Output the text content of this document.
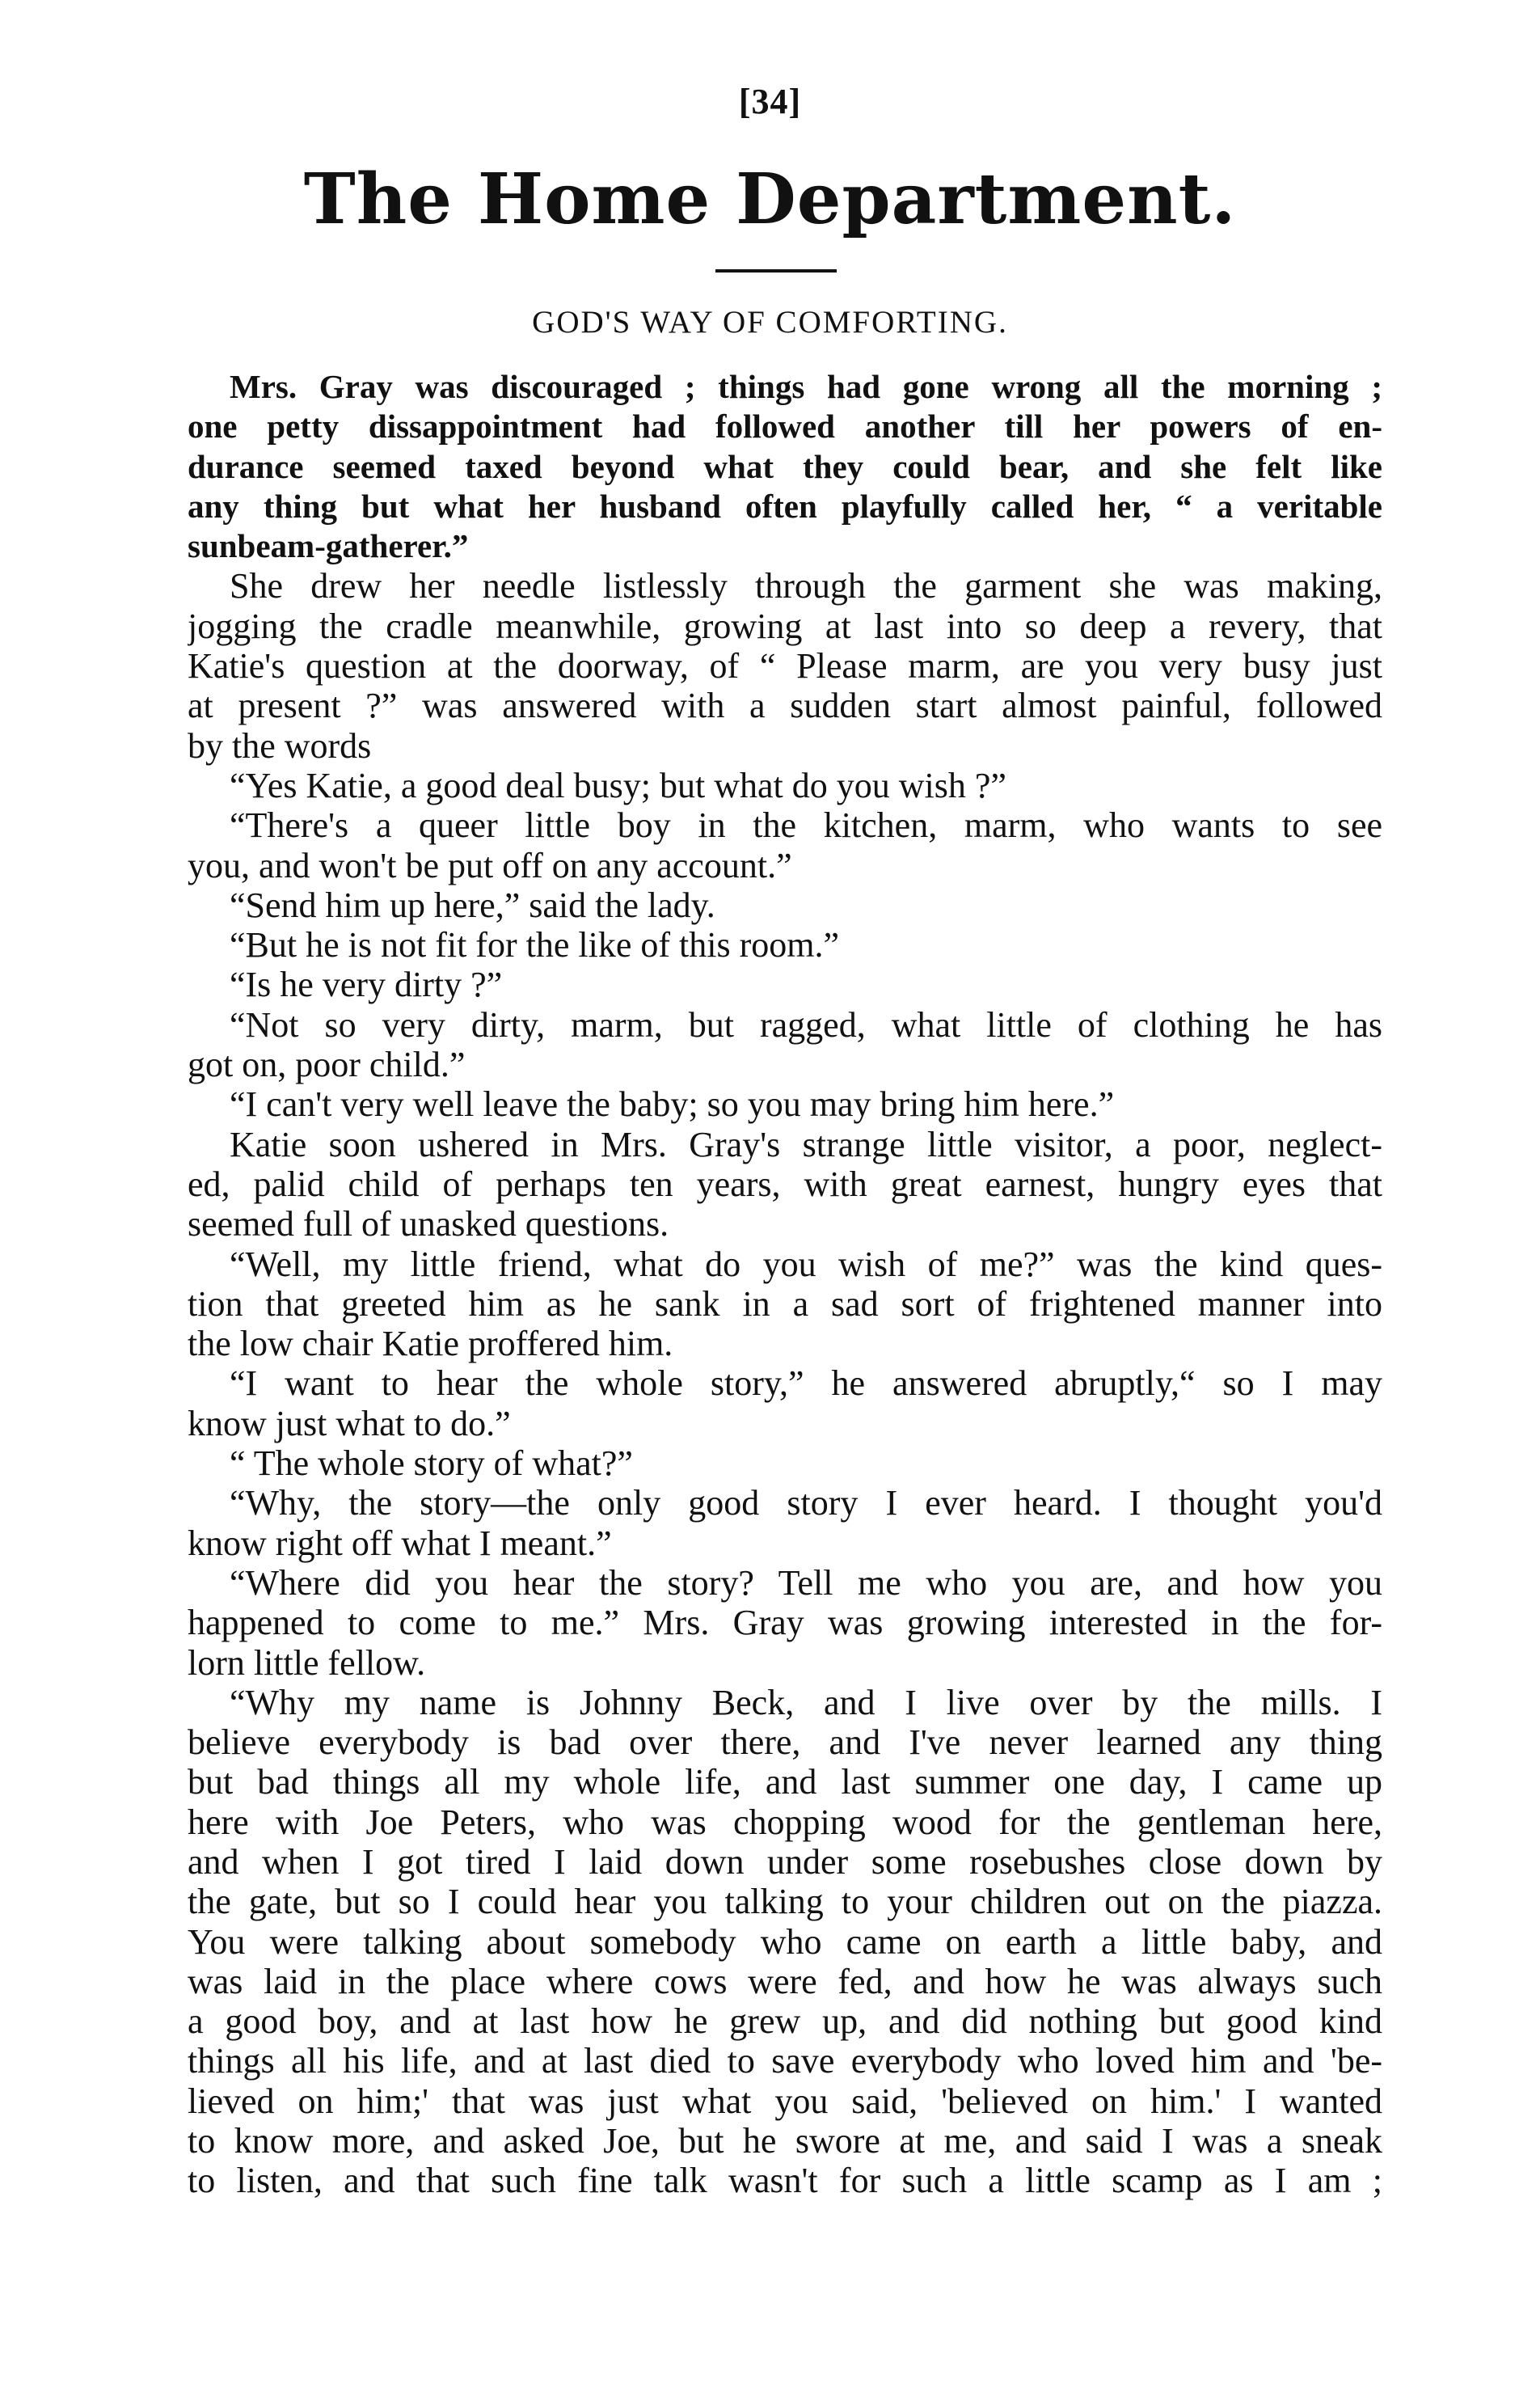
[34]
The Home Department.
GOD'S WAY OF COMFORTING.
Mrs. Gray was discouraged ; things had gone wrong all the morning ;
one petty dissappointment had followed another till her powers of en-
durance seemed taxed beyond what they could bear, and she felt like
any thing but what her husband often playfully called her, “ a veritable
sunbeam-gatherer.”
She drew her needle listlessly through the garment she was making,
jogging the cradle meanwhile, growing at last into so deep a revery, that
Katie's question at the doorway, of “ Please marm, are you very busy just
at present ?” was answered with a sudden start almost painful, followed
by the words
“Yes Katie, a good deal busy; but what do you wish ?”
“There's a queer little boy in the kitchen, marm, who wants to see
you, and won't be put off on any account.”
“Send him up here,” said the lady.
“But he is not fit for the like of this room.”
“Is he very dirty ?”
“Not so very dirty, marm, but ragged, what little of clothing he has
got on, poor child.”
“I can't very well leave the baby; so you may bring him here.”
Katie soon ushered in Mrs. Gray's strange little visitor, a poor, neglect-
ed, palid child of perhaps ten years, with great earnest, hungry eyes that
seemed full of unasked questions.
“Well, my little friend, what do you wish of me?” was the kind ques-
tion that greeted him as he sank in a sad sort of frightened manner into
the low chair Katie proffered him.
“I want to hear the whole story,” he answered abruptly,“ so I may
know just what to do.”
“ The whole story of what?”
“Why, the story—the only good story I ever heard. I thought you'd
know right off what I meant.”
“Where did you hear the story? Tell me who you are, and how you
happened to come to me.” Mrs. Gray was growing interested in the for-
lorn little fellow.
“Why my name is Johnny Beck, and I live over by the mills. I
believe everybody is bad over there, and I've never learned any thing
but bad things all my whole life, and last summer one day, I came up
here with Joe Peters, who was chopping wood for the gentleman here,
and when I got tired I laid down under some rosebushes close down by
the gate, but so I could hear you talking to your children out on the piazza.
You were talking about somebody who came on earth a little baby, and
was laid in the place where cows were fed, and how he was always such
a good boy, and at last how he grew up, and did nothing but good kind
things all his life, and at last died to save everybody who loved him and 'be-
lieved on him;' that was just what you said, 'believed on him.' I wanted
to know more, and asked Joe, but he swore at me, and said I was a sneak
to listen, and that such fine talk wasn't for such a little scamp as I am ;
